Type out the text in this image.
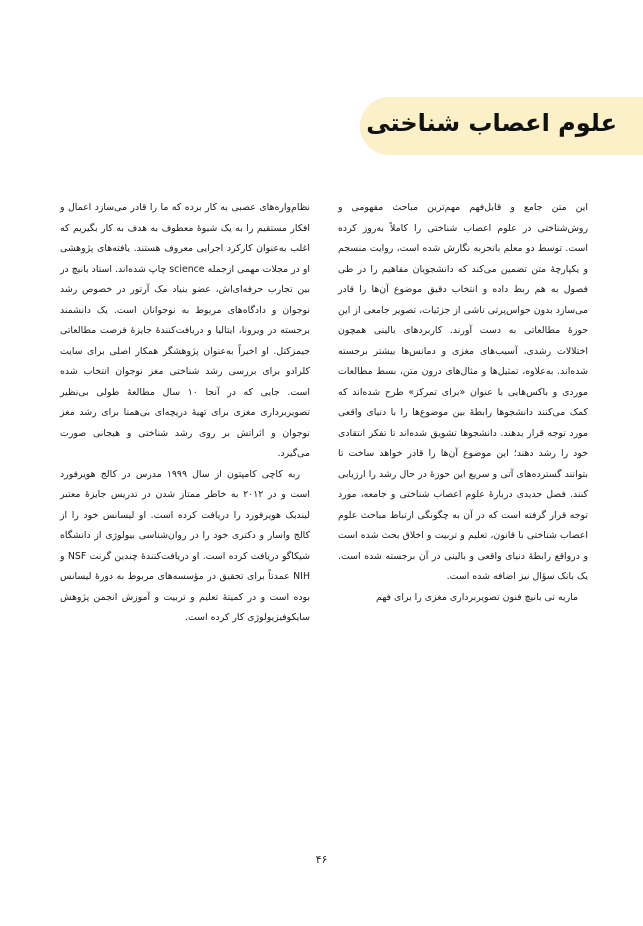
علوم اعصاب شناختی

این متن جامع و قابل‌فهم مهم‌ترین مباحث مفهومی و روش‌شناختی در علوم اعصاب شناختی را کاملاً به‌روز کرده است. توسط دو معلم باتجربه نگارش شده است، روایت منسجم و یکپارچهٔ متن تضمین می‌کند که دانشجویان مفاهیم را در طی فصول به هم ربط داده و انتخاب دقیق موضوع آن‌ها را قادر می‌سازد بدون حواس‌پرتی ناشی از جزئیات، تصویر جامعی از این حوزهٔ مطالعاتی به دست آورند. کاربردهای بالینی همچون اختلالات رشدی، آسیب‌های مغزی و دمانس‌ها بیشتر برجسته شده‌اند. به‌علاوه، تمثیل‌ها و مثال‌های درون متن، بسط مطالعات موردی و باکس‌هایی با عنوان «برای تمرکز» طرح شده‌اند که کمک می‌کنند دانشجوها رابطهٔ بین موضوع‌ها را با دنیای واقعی مورد توجه قرار بدهند. دانشجوها تشویق شده‌اند تا تفکر انتقادی خود را رشد دهند؛ این موضوع آن‌ها را قادر خواهد ساخت تا بتوانند گسترده‌های آتی و سریع این حوزهٔ در حال رشد را ارزیابی کنند. فصل جدیدی دربارهٔ علوم اعصاب شناختی و جامعه، مورد توجه قرار گرفته است که در آن به چگونگی ارتباط مباحث علوم اعصاب شناختی با قانون، تعلیم و تربیت و اخلاق بحث شده است و درواقع رابطهٔ دنیای واقعی و بالینی در آن برجسته شده است. یک بانک سؤال نیز اضافه شده است.

ماریه تی بانیچ فنون تصویربرداری مغزی را برای فهم

نظام‌واره‌های عصبی به کار برده که ما را قادر می‌سازد اعمال و افکار مستقیم را به یک شیوهٔ معطوف به هدف به کار بگیریم که اغلب به‌عنوان کارکرد اجرایی معروف هستند. یافته‌های پژوهشی او در مجلات مهمی ازجمله science چاپ شده‌اند. استاد بانیچ در بین تجارب حرفه‌ای‌اش، عضو بنیاد مک آرتور در خصوص رشد نوجوان و دادگاه‌های مربوط به نوجوانان است. یک دانشمند برجسته در ویرونا، ایتالیا و دریافت‌کنندهٔ جایزهٔ فرصت مطالعاتی جیمزکتل. او اخیراً به‌عنوان پژوهشگر همکار اصلی برای سایت کلرادو برای بررسی رشد شناختی مغز نوجوان انتخاب شده است. جایی که در آنجا ۱۰ سال مطالعهٔ طولی بی‌نظیر تصویربرداری مغزی برای تهیهٔ دریچه‌ای بی‌همتا برای رشد مغز نوجوان و اثراتش بر روی رشد شناختی و هیجانی صورت می‌گیرد.

ربه کاچی کامپتون از سال ۱۹۹۹ مدرس در کالج هویرفورد است و در ۲۰۱۲ به خاطر ممتاز شدن در تدریس جایزهٔ معتبر لیندبک هویرفورد را دریافت کرده است. او لیسانس خود را از کالج واسار و دکتری خود را در روان‌شناسی بیولوژی از دانشگاه شیکاگو دریافت کرده است. او دریافت‌کنندهٔ چندین گرنت NSF و NIH عمدتاً برای تحقیق در مؤسسه‌های مربوط به دورهٔ لیسانس بوده است و در کمیتهٔ تعلیم و تربیت و آموزش انجمن پژوهش سایکوفیزیولوژی کار کرده است.

۴۶
